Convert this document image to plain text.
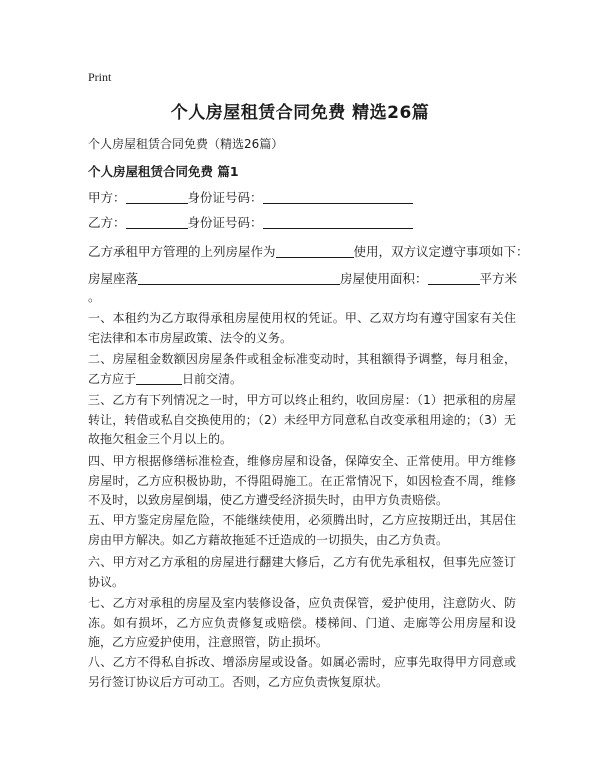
Print
个人房屋租赁合同免费 精选26篇
个人房屋租赁合同免费（精选26篇）
个人房屋租赁合同免费 篇1
甲方：	身份证号码：
乙方：	身份证号码：
乙方承租甲方管理的上列房屋作为	使用，双方议定遵守事项如下：
房屋座落	房屋使用面积：	平方米
。
一、本租约为乙方取得承租房屋使用权的凭证。甲、乙双方均有遵守国家有关住宅法律和本市房屋政策、法令的义务。
二、房屋租金数额因房屋条件或租金标准变动时，其租额得予调整，每月租金，乙方应于	日前交清。
三、乙方有下列情况之一时，甲方可以终止租约，收回房屋：（1）把承租的房屋转让，转借或私自交换使用的；（2）未经甲方同意私自改变承租用途的；（3）无故拖欠租金三个月以上的。
四、甲方根据修缮标准检查，维修房屋和设备，保障安全、正常使用。甲方维修房屋时，乙方应积极协助，不得阻碍施工。在正常情况下，如因检查不周，维修不及时，以致房屋倒塌，使乙方遭受经济损失时，由甲方负责赔偿。
五、甲方鉴定房屋危险，不能继续使用，必须腾出时，乙方应按期迁出，其居住房由甲方解决。如乙方藉故拖延不迁造成的一切损失，由乙方负责。
六、甲方对乙方承租的房屋进行翻建大修后，乙方有优先承租权，但事先应签订协议。
七、乙方对承租的房屋及室内装修设备，应负责保管，爱护使用，注意防火、防冻。如有损坏，乙方应负责修复或赔偿。楼梯间、门道、走廊等公用房屋和设施，乙方应爱护使用，注意照管，防止损坏。
八、乙方不得私自拆改、增添房屋或设备。如属必需时，应事先取得甲方同意或另行签订协议后方可动工。否则，乙方应负责恢复原状。
